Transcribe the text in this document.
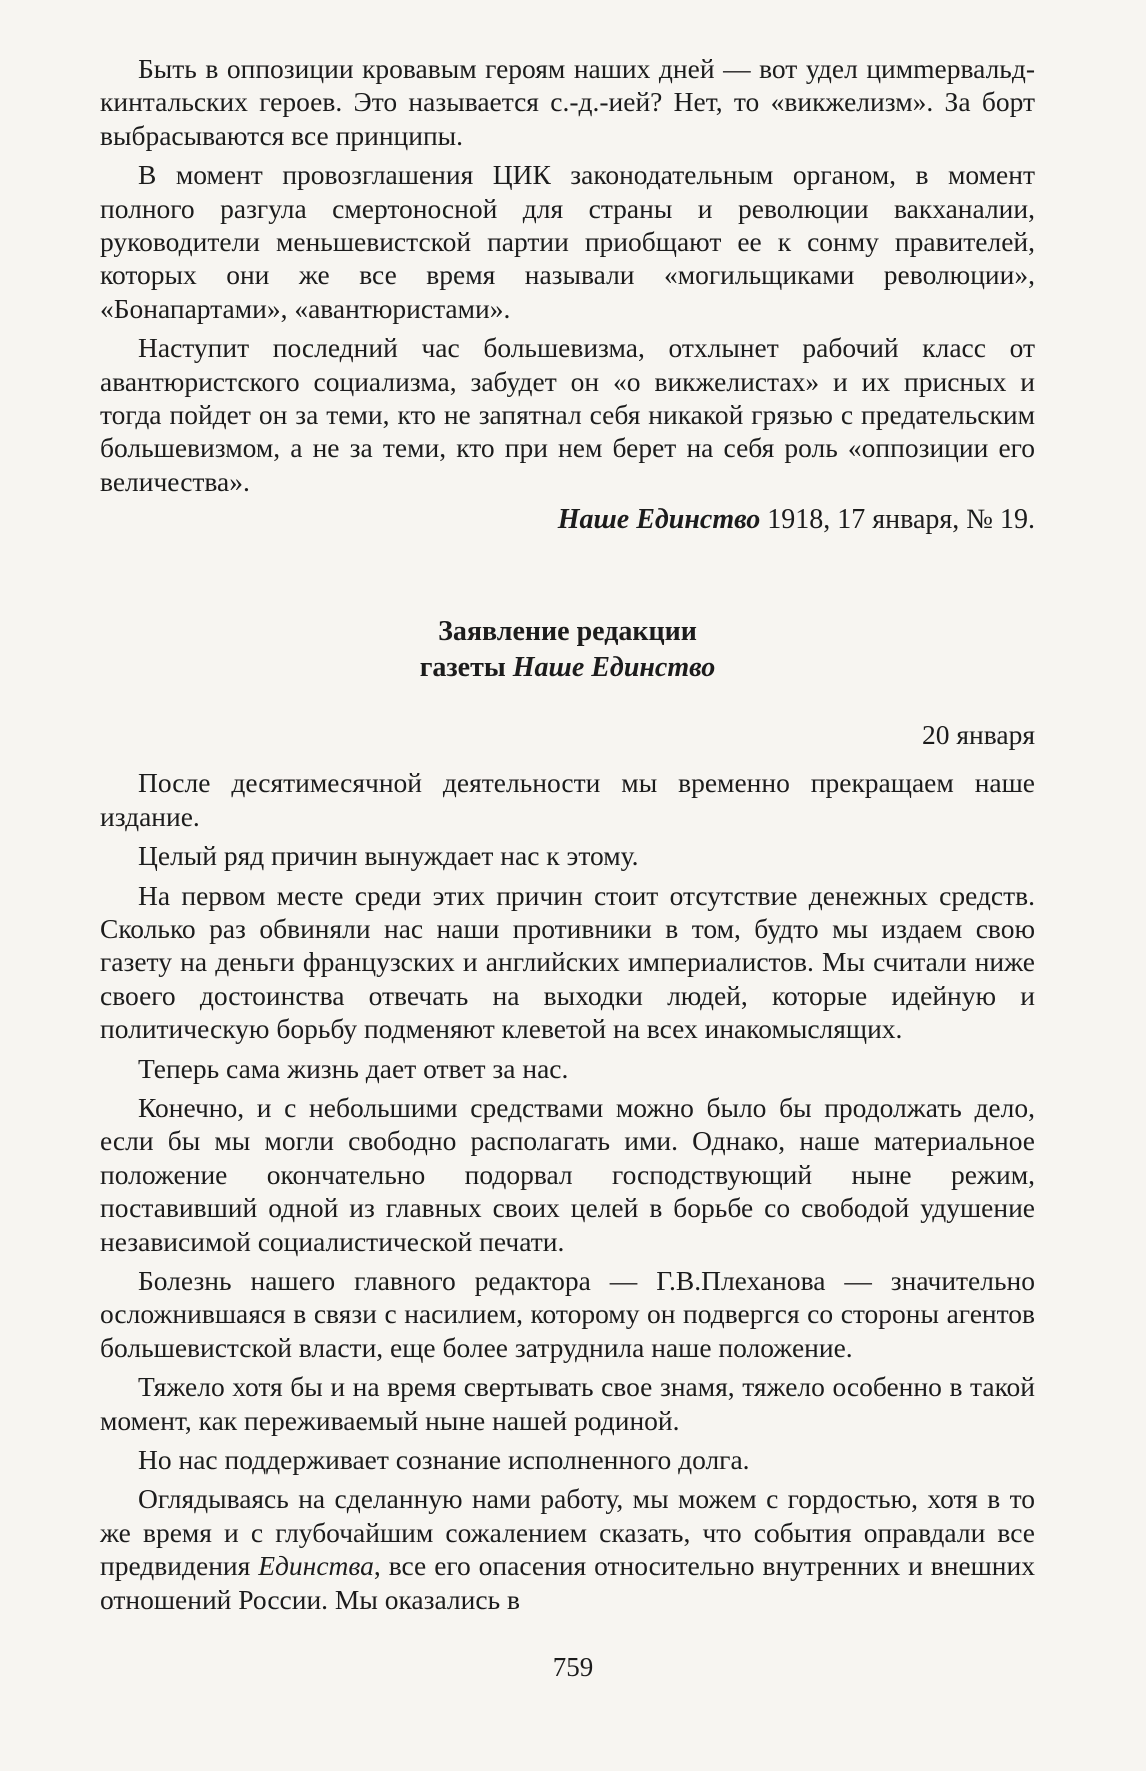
Быть в оппозиции кровавым героям наших дней — вот удел цимmервальд-кинтальских героев. Это называется с.-д.-ией? Нет, то «викжелизм». За борт выбрасываются все принципы.

В момент провозглашения ЦИК законодательным органом, в момент полного разгула смертоносной для страны и революции вакханалии, руководители меньшевистской партии приобщают ее к сонму правителей, которых они же все время называли «могильщиками революции», «Бонапартами», «авантюристами».

Наступит последний час большевизма, отхлынет рабочий класс от авантюристского социализма, забудет он «о викжелистах» и их присных и тогда пойдет он за теми, кто не запятнал себя никакой грязью с предательским большевизмом, а не за теми, кто при нем берет на себя роль «оппозиции его величества».

Наше Единство 1918, 17 января, № 19.

Заявление редакции
газеты Наше Единство
20 января

После десятимесячной деятельности мы временно прекращаем наше издание.

Целый ряд причин вынуждает нас к этому.

На первом месте среди этих причин стоит отсутствие денежных средств. Сколько раз обвиняли нас наши противники в том, будто мы издаем свою газету на деньги французских и английских империалистов. Мы считали ниже своего достоинства отвечать на выходки людей, которые идейную и политическую борьбу подменяют клеветой на всех инакомыслящих.

Теперь сама жизнь дает ответ за нас.

Конечно, и с небольшими средствами можно было бы продолжать дело, если бы мы могли свободно располагать ими. Однако, наше материальное положение окончательно подорвал господствующий ныне режим, поставивший одной из главных своих целей в борьбе со свободой удушение независимой социалистической печати.

Болезнь нашего главного редактора — Г.В.Плеханова — значительно осложнившаяся в связи с насилием, которому он подвергся со стороны агентов большевистской власти, еще более затруднила наше положение.

Тяжело хотя бы и на время свертывать свое знамя, тяжело особенно в такой момент, как переживаемый ныне нашей родиной.

Но нас поддерживает сознание исполненного долга.

Оглядываясь на сделанную нами работу, мы можем с гордостью, хотя в то же время и с глубочайшим сожалением сказать, что события оправдали все предвидения Единства, все его опасения относительно внутренних и внешних отношений России. Мы оказались в

759
